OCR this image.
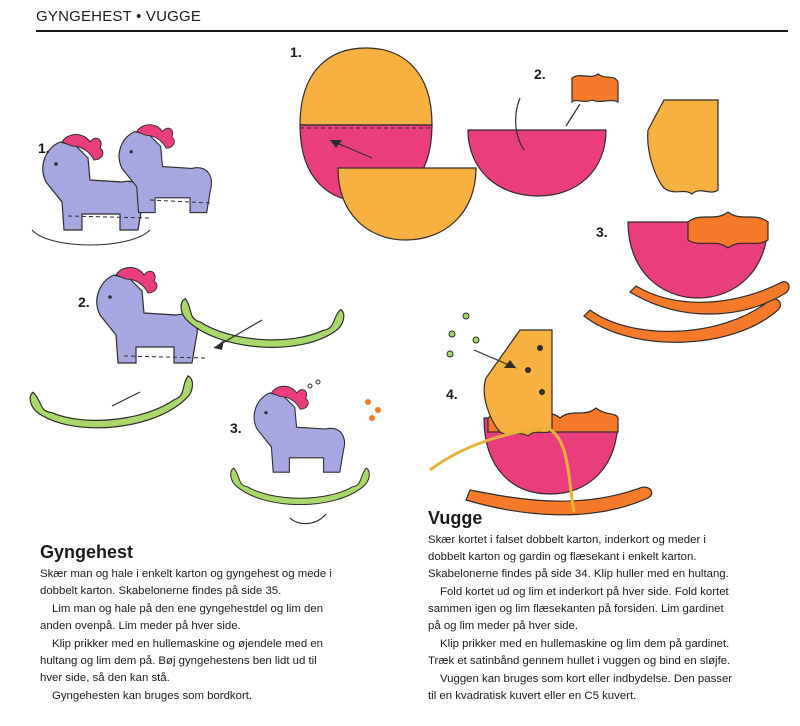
GYNGEHEST • VUGGE
1.
2.
3.
1.
2.
3.
4.
Gyngehest

Skær man og hale i enkelt karton og gyngehest og mede i
dobbelt karton. Skabelonerne findes på side 35.

Lim man og hale på den ene gyngehestdel og lim den
anden ovenpå. Lim meder på hver side.

Klip prikker med en hullemaskine og øjendele med en
hultang og lim dem på. Bøj gyngehestens ben lidt ud til
hver side, så den kan stå.

Gyngehesten kan bruges som bordkort.

Vugge

Skær kortet i falset dobbelt karton, inderkort og meder i
dobbelt karton og gardin og flæsekant i enkelt karton.
Skabelonerne findes på side 34. Klip huller med en hultang.

Fold kortet ud og lim et inderkort på hver side. Fold kortet
sammen igen og lim flæsekanten på forsiden. Lim gardinet
på og lim meder på hver side.

Klip prikker med en hullemaskine og lim dem på gardinet.
Træk et satinbånd gennem hullet i vuggen og bind en sløjfe.

Vuggen kan bruges som kort eller indbydelse. Den passer
til en kvadratisk kuvert eller en C5 kuvert.
